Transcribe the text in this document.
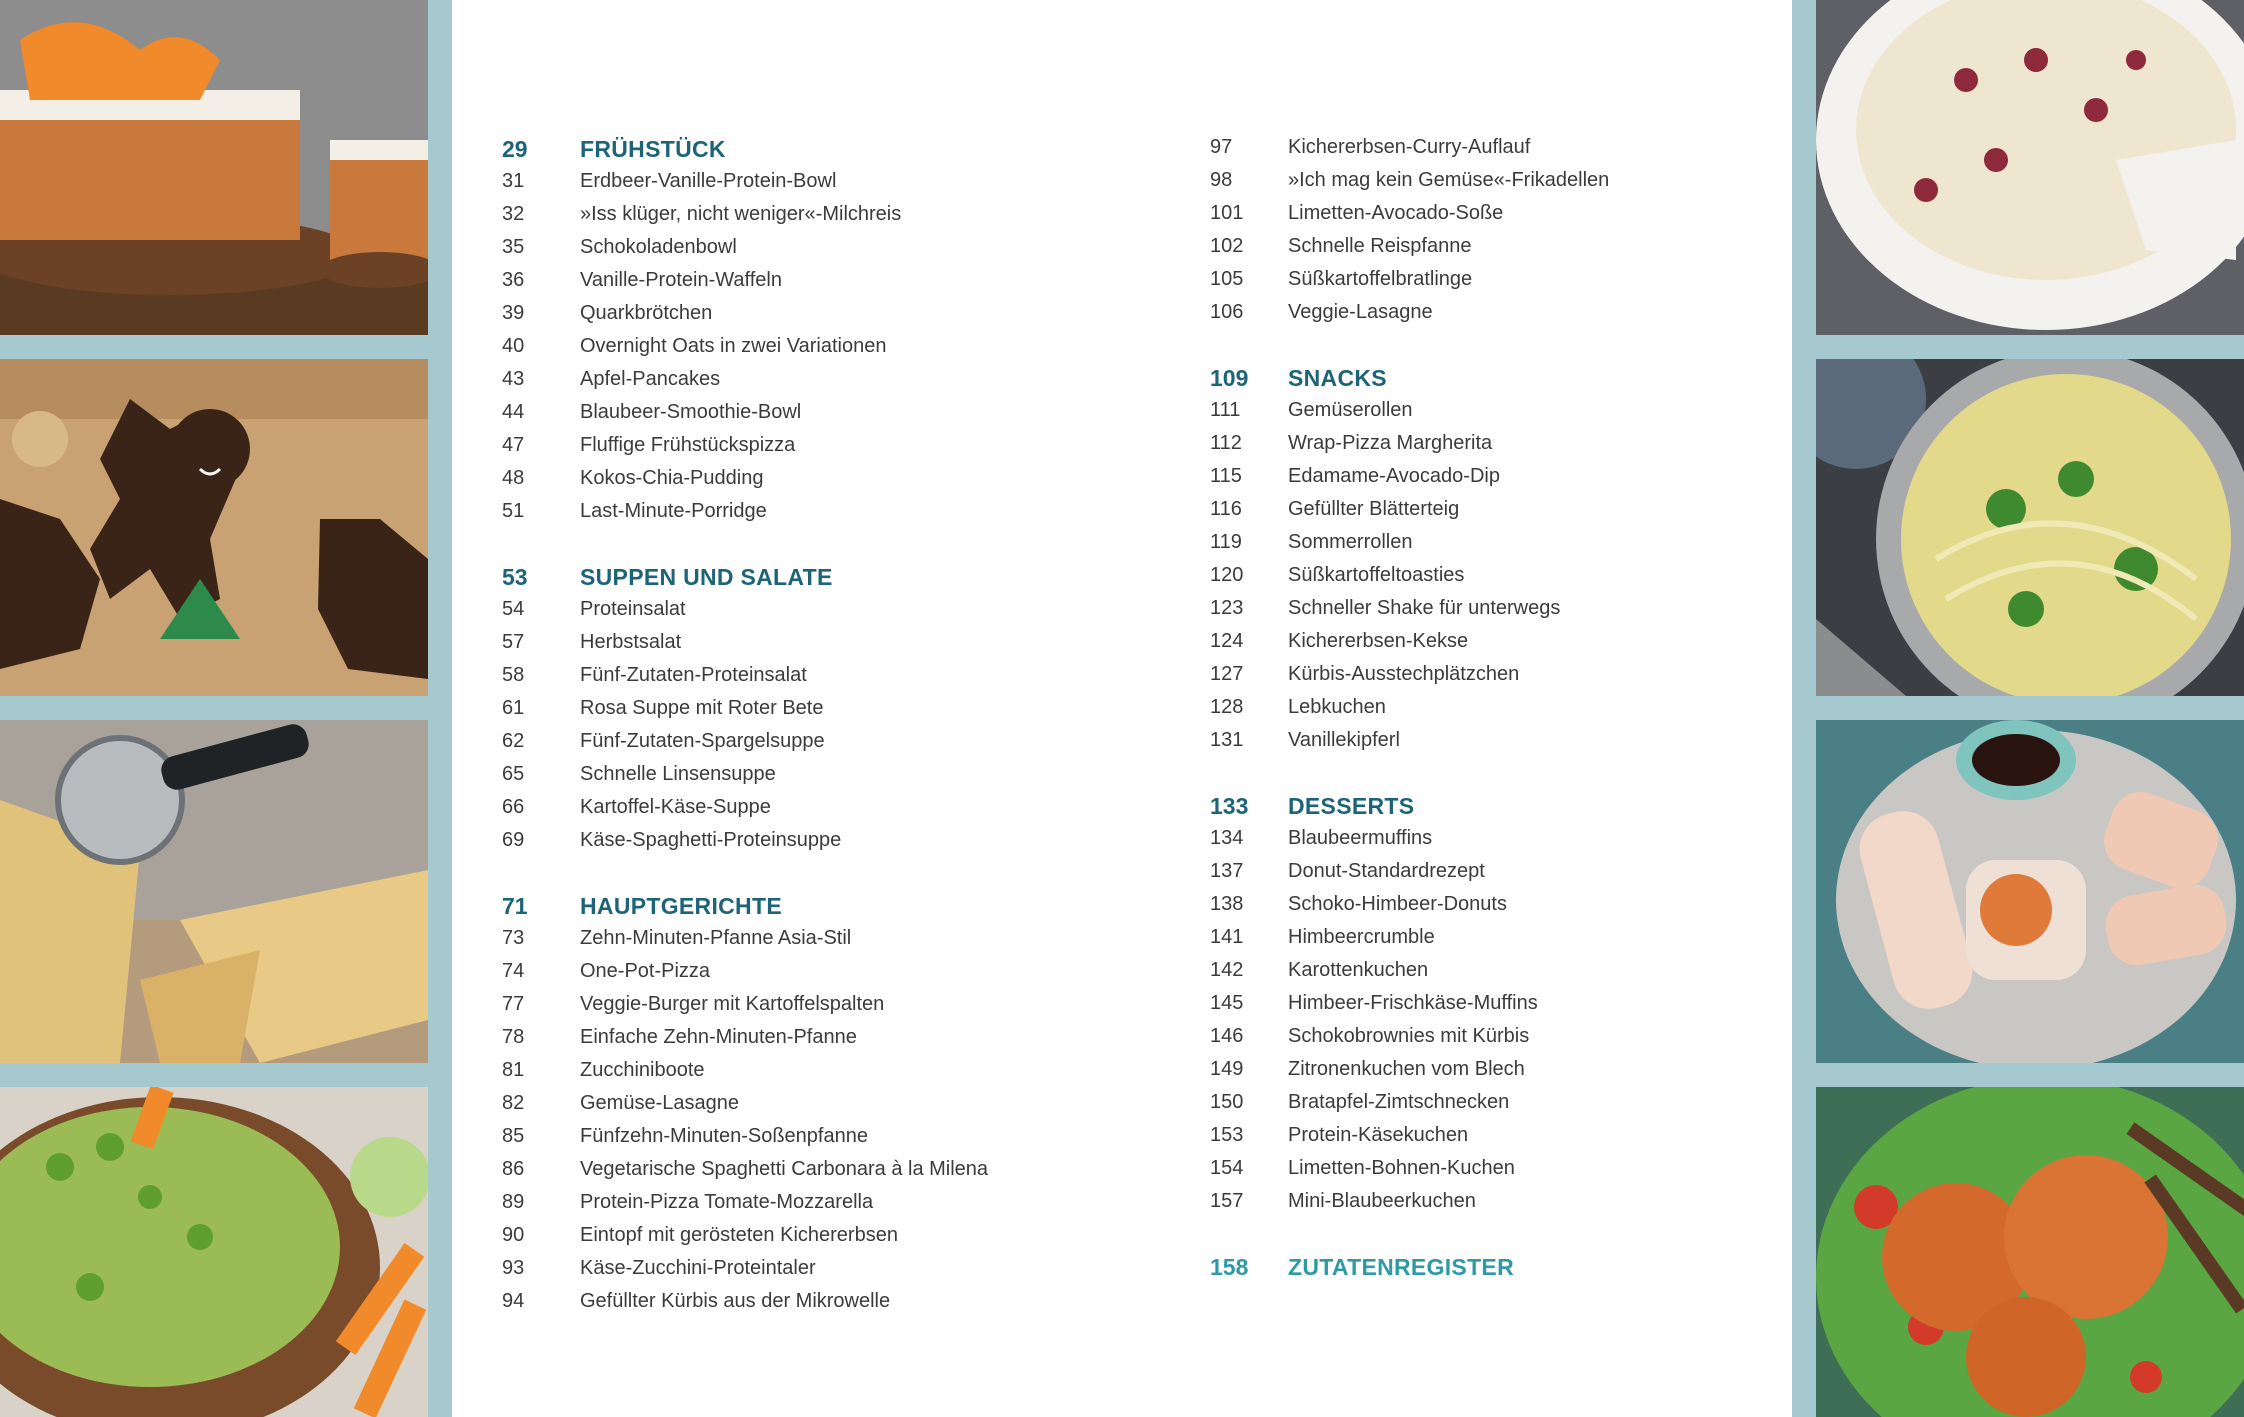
29	FRÜHSTÜCK
31	Erdbeer-Vanille-Protein-Bowl
32	»Iss klüger, nicht weniger«-Milchreis
35	Schokoladenbowl
36	Vanille-Protein-Waffeln
39	Quarkbrötchen
40	Overnight Oats in zwei Variationen
43	Apfel-Pancakes
44	Blaubeer-Smoothie-Bowl
47	Fluffige Frühstückspizza
48	Kokos-Chia-Pudding
51	Last-Minute-Porridge
53	SUPPEN UND SALATE
54	Proteinsalat
57	Herbstsalat
58	Fünf-Zutaten-Proteinsalat
61	Rosa Suppe mit Roter Bete
62	Fünf-Zutaten-Spargelsuppe
65	Schnelle Linsensuppe
66	Kartoffel-Käse-Suppe
69	Käse-Spaghetti-Proteinsuppe
71	HAUPTGERICHTE
73	Zehn-Minuten-Pfanne Asia-Stil
74	One-Pot-Pizza
77	Veggie-Burger mit Kartoffelspalten
78	Einfache Zehn-Minuten-Pfanne
81	Zucchiniboote
82	Gemüse-Lasagne
85	Fünfzehn-Minuten-Soßenpfanne
86	Vegetarische Spaghetti Carbonara à la Milena
89	Protein-Pizza Tomate-Mozzarella
90	Eintopf mit gerösteten Kichererbsen
93	Käse-Zucchini-Proteintaler
94	Gefüllter Kürbis aus der Mikrowelle
97	Kichererbsen-Curry-Auflauf
98	»Ich mag kein Gemüse«-Frikadellen
101	Limetten-Avocado-Soße
102	Schnelle Reispfanne
105	Süßkartoffelbratlinge
106	Veggie-Lasagne
109	SNACKS
111	Gemüserollen
112	Wrap-Pizza Margherita
115	Edamame-Avocado-Dip
116	Gefüllter Blätterteig
119	Sommerrollen
120	Süßkartoffeltoasties
123	Schneller Shake für unterwegs
124	Kichererbsen-Kekse
127	Kürbis-Ausstechplätzchen
128	Lebkuchen
131	Vanillekipferl
133	DESSERTS
134	Blaubeermuffins
137	Donut-Standardrezept
138	Schoko-Himbeer-Donuts
141	Himbeercrumble
142	Karottenkuchen
145	Himbeer-Frischkäse-Muffins
146	Schokobrownies mit Kürbis
149	Zitronenkuchen vom Blech
150	Bratapfel-Zimtschnecken
153	Protein-Käsekuchen
154	Limetten-Bohnen-Kuchen
157	Mini-Blaubeerkuchen
158	ZUTATENREGISTER
